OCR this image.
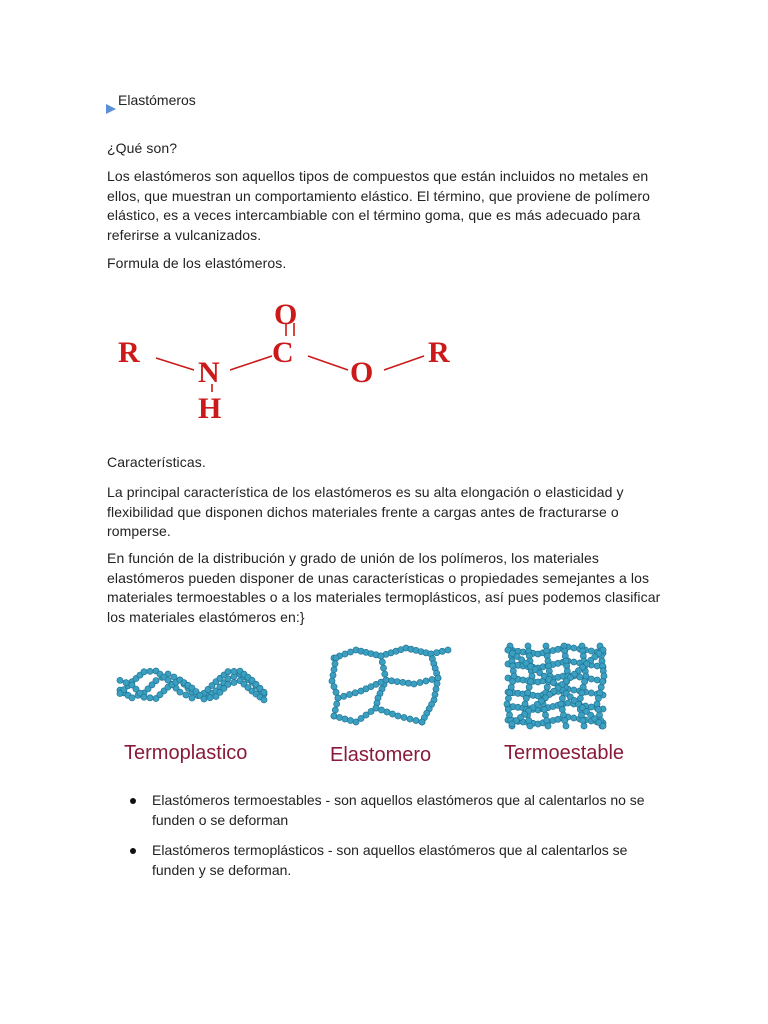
Elastómeros

¿Qué son?

Los elastómeros son aquellos tipos de compuestos que están incluidos no metales en ellos, que muestran un comportamiento elástico. El término, que proviene de polímero elástico, es a veces intercambiable con el término goma, que es más adecuado para referirse a vulcanizados.

Formula de los elastómeros.

R
N
H
C
O
O
R

Características.

La principal característica de los elastómeros es su alta elongación o elasticidad y flexibilidad que disponen dichos materiales frente a cargas antes de fracturarse o romperse.

En función de la distribución y grado de unión de los polímeros, los materiales elastómeros pueden disponer de unas características o propiedades semejantes a los materiales termoestables o a los materiales termoplásticos, así pues podemos clasificar los materiales elastómeros en:}

Termoplastico	Elastomero	Termoestable
Elastómeros termoestables - son aquellos elastómeros que al calentarlos no se funden o se deforman
Elastómeros termoplásticos - son aquellos elastómeros que al calentarlos se funden y se deforman.
